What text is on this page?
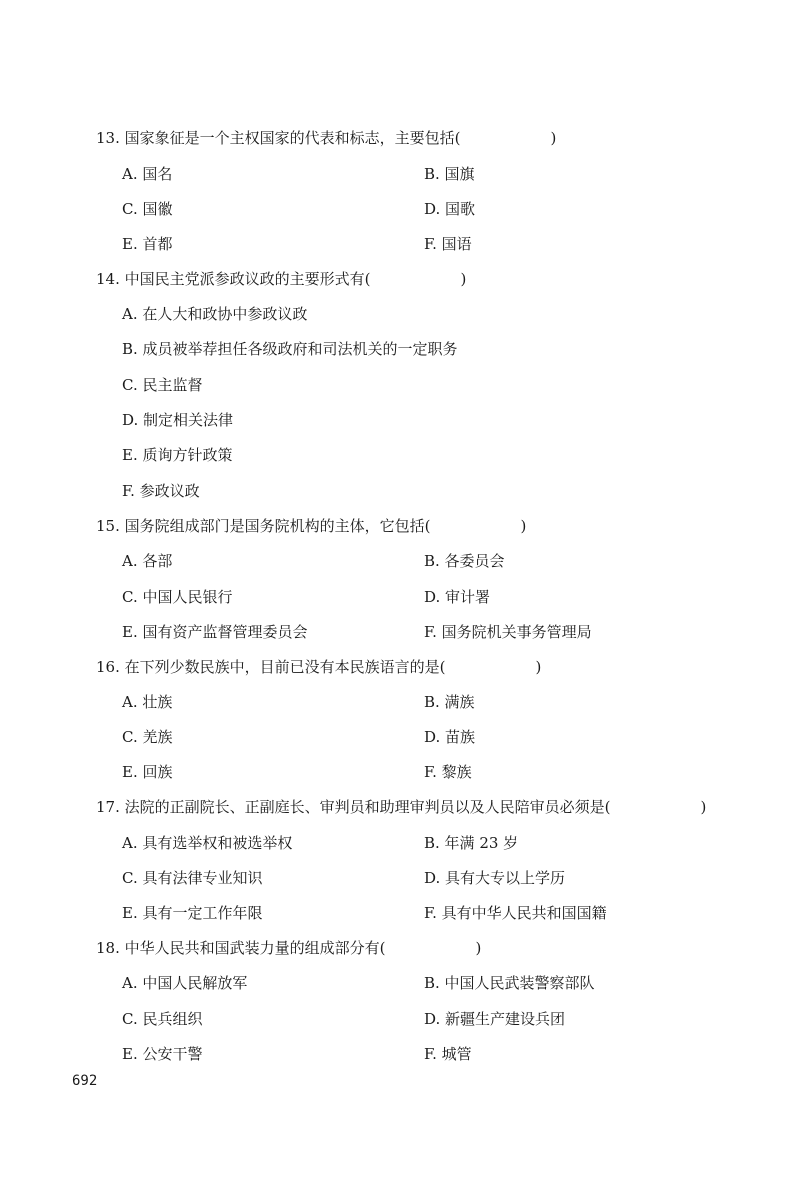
13. 国家象征是一个主权国家的代表和标志，主要包括(　　　　　　)
A. 国名	B. 国旗
C. 国徽	D. 国歌
E. 首都	F. 国语
14. 中国民主党派参政议政的主要形式有(　　　　　　)
A. 在人大和政协中参政议政
B. 成员被举荐担任各级政府和司法机关的一定职务
C. 民主监督
D. 制定相关法律
E. 质询方针政策
F. 参政议政
15. 国务院组成部门是国务院机构的主体，它包括(　　　　　　)
A. 各部	B. 各委员会
C. 中国人民银行	D. 审计署
E. 国有资产监督管理委员会	F. 国务院机关事务管理局
16. 在下列少数民族中，目前已没有本民族语言的是(　　　　　　)
A. 壮族	B. 满族
C. 羌族	D. 苗族
E. 回族	F. 黎族
17. 法院的正副院长、正副庭长、审判员和助理审判员以及人民陪审员必须是(　　　　　　)
A. 具有选举权和被选举权	B. 年满 23 岁
C. 具有法律专业知识	D. 具有大专以上学历
E. 具有一定工作年限	F. 具有中华人民共和国国籍
18. 中华人民共和国武装力量的组成部分有(　　　　　　)
A. 中国人民解放军	B. 中国人民武装警察部队
C. 民兵组织	D. 新疆生产建设兵团
E. 公安干警	F. 城管
692
